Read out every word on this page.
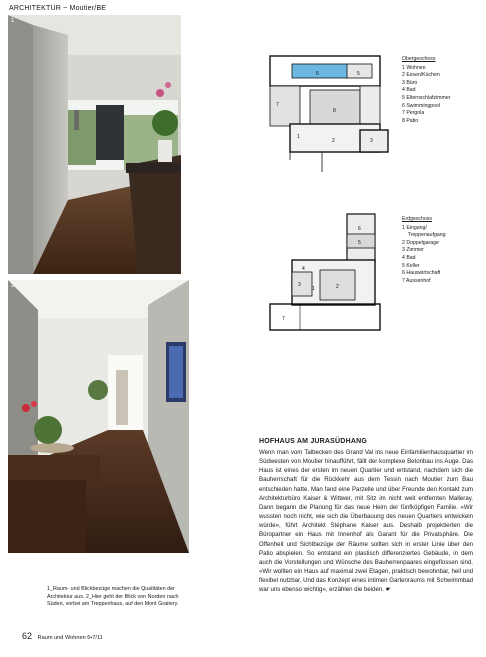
ARCHITEKTUR ~ Moutier/BE
1
2
6	5
8
1
2	3
7
Obergeschoss
1 Wohnen
2 Essen/Küchen
3 Büro
4 Bad
5 Elternschlafzimmer
6 Swimmingpool
7 Pergola
8 Patio
6
5
2
3
1
4
7
Erdgeschoss
1 Eingang/
Treppenaufgang
2 Doppelgarage
3 Zimmer
4 Bad
5 Keller
6 Hauswirtschaft
7 Aussenhof
HOFHAUS AM JURASÜDHANG
Wenn man vom Talbecken des Grand Val ins neue Einfamilienhausquartier im Südwesten von Moutier hinaufführt, fällt der komplexe Betonbau ins Auge. Das Haus ist eines der ersten im neuen Quartier und entstand, nachdem sich die Bauherrschaft für die Rückkehr aus dem Tessin nach Moutier zum Bau entschieden hatte. Man fand eine Parzelle und über Freunde den Kontakt zum Architekturbüro Kaiser & Wittwer, mit Sitz im nicht weit entfernten Malleray. Dann begann die Planung für das neue Heim der fünfköpfigen Familie. «Wir wussten noch nicht, wie sich die Überbauung des neuen Quartiers entwickeln würde», führt Architekt Stéphane Kaiser aus. Deshalb projektierten die Büropartner ein Haus mit Innenhof als Garant für die Privatsphäre. Die Offenheit und Sichtbezüge der Räume sollten sich in erster Linie über den Patio abspielen. So entstand ein plastisch differenziertes Gebäude, in dem auch die Vorstellungen und Wünsche des Bauherrenpaares eingeflossen sind. «Wir wollten ein Haus auf maximal zwei Etagen, praktisch bewohnbar, hell und flexibel nutzbar. Und das Konzept eines intimen Gartenraums mit Schwimmbad war uns ebenso wichtig», erzählen die beiden. ☛
1_Raum- und Blickbezüge machen die Qualitäten der Architektur aus. 2_Hier geht der Blick von Norden nach Süden, vorbei am Treppenhaus, auf den Mont Graitery.
62 Raum und Wohnen 6•7/11
